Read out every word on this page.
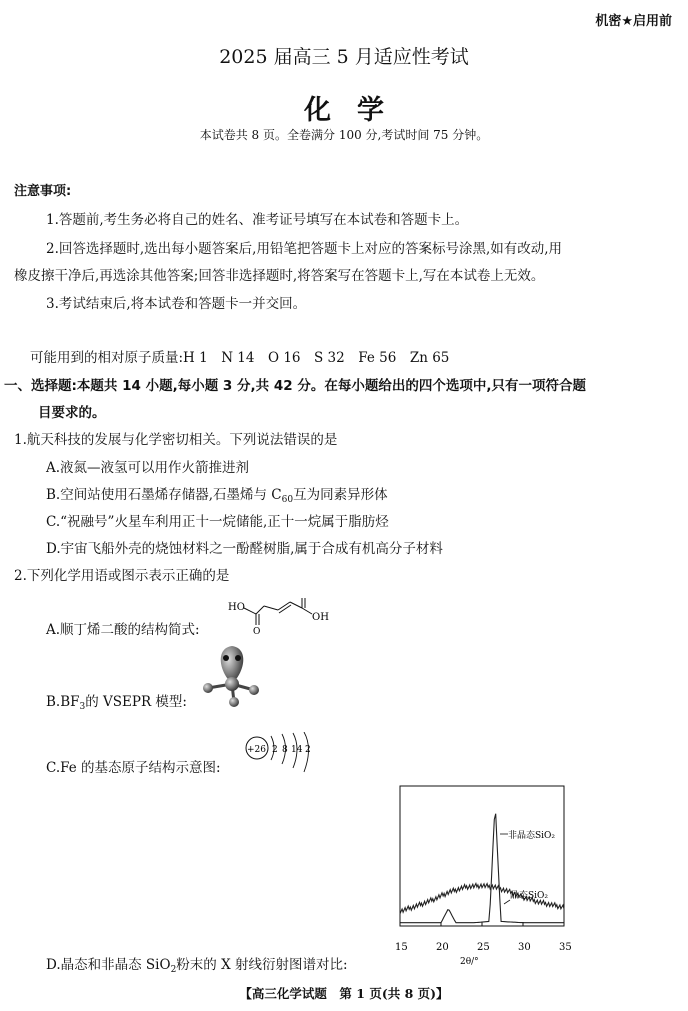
机密★启用前
2025 届高三 5 月适应性考试
化学
本试卷共 8 页。全卷满分 100 分,考试时间 75 分钟。
注意事项:
1.答题前,考生务必将自己的姓名、准考证号填写在本试卷和答题卡上。
2.回答选择题时,选出每小题答案后,用铅笔把答题卡上对应的答案标号涂黑,如有改动,用
橡皮擦干净后,再选涂其他答案;回答非选择题时,将答案写在答题卡上,写在本试卷上无效。
3.考试结束后,将本试卷和答题卡一并交回。
可能用到的相对原子质量:H 1　N 14　O 16　S 32　Fe 56　Zn 65
一、选择题:本题共 14 小题,每小题 3 分,共 42 分。在每小题给出的四个选项中,只有一项符合题
目要求的。
1.航天科技的发展与化学密切相关。下列说法错误的是
A.液氮—液氢可以用作火箭推进剂
B.空间站使用石墨烯存储器,石墨烯与 $C_{60}$互为同素异形体
C.“祝融号”火星车利用正十一烷储能,正十一烷属于脂肪烃
D.宇宙飞船外壳的烧蚀材料之一酚醛树脂,属于合成有机高分子材料
2.下列化学用语或图示表示正确的是
A.顺丁烯二酸的结构简式:
HO
O
OH
$B.BF_3$的 VSEPR 模型:
C.Fe 的基态原子结构示意图:
+26 2 8 14 2
D.晶态和非晶态 SiO$_2$粉末的 X 射线衍射图谱对比:
15	20	25	30	35
非晶态SiO₂
晶态SiO₂
2θ/°
【高三化学试题　第 1 页(共 8 页)】
